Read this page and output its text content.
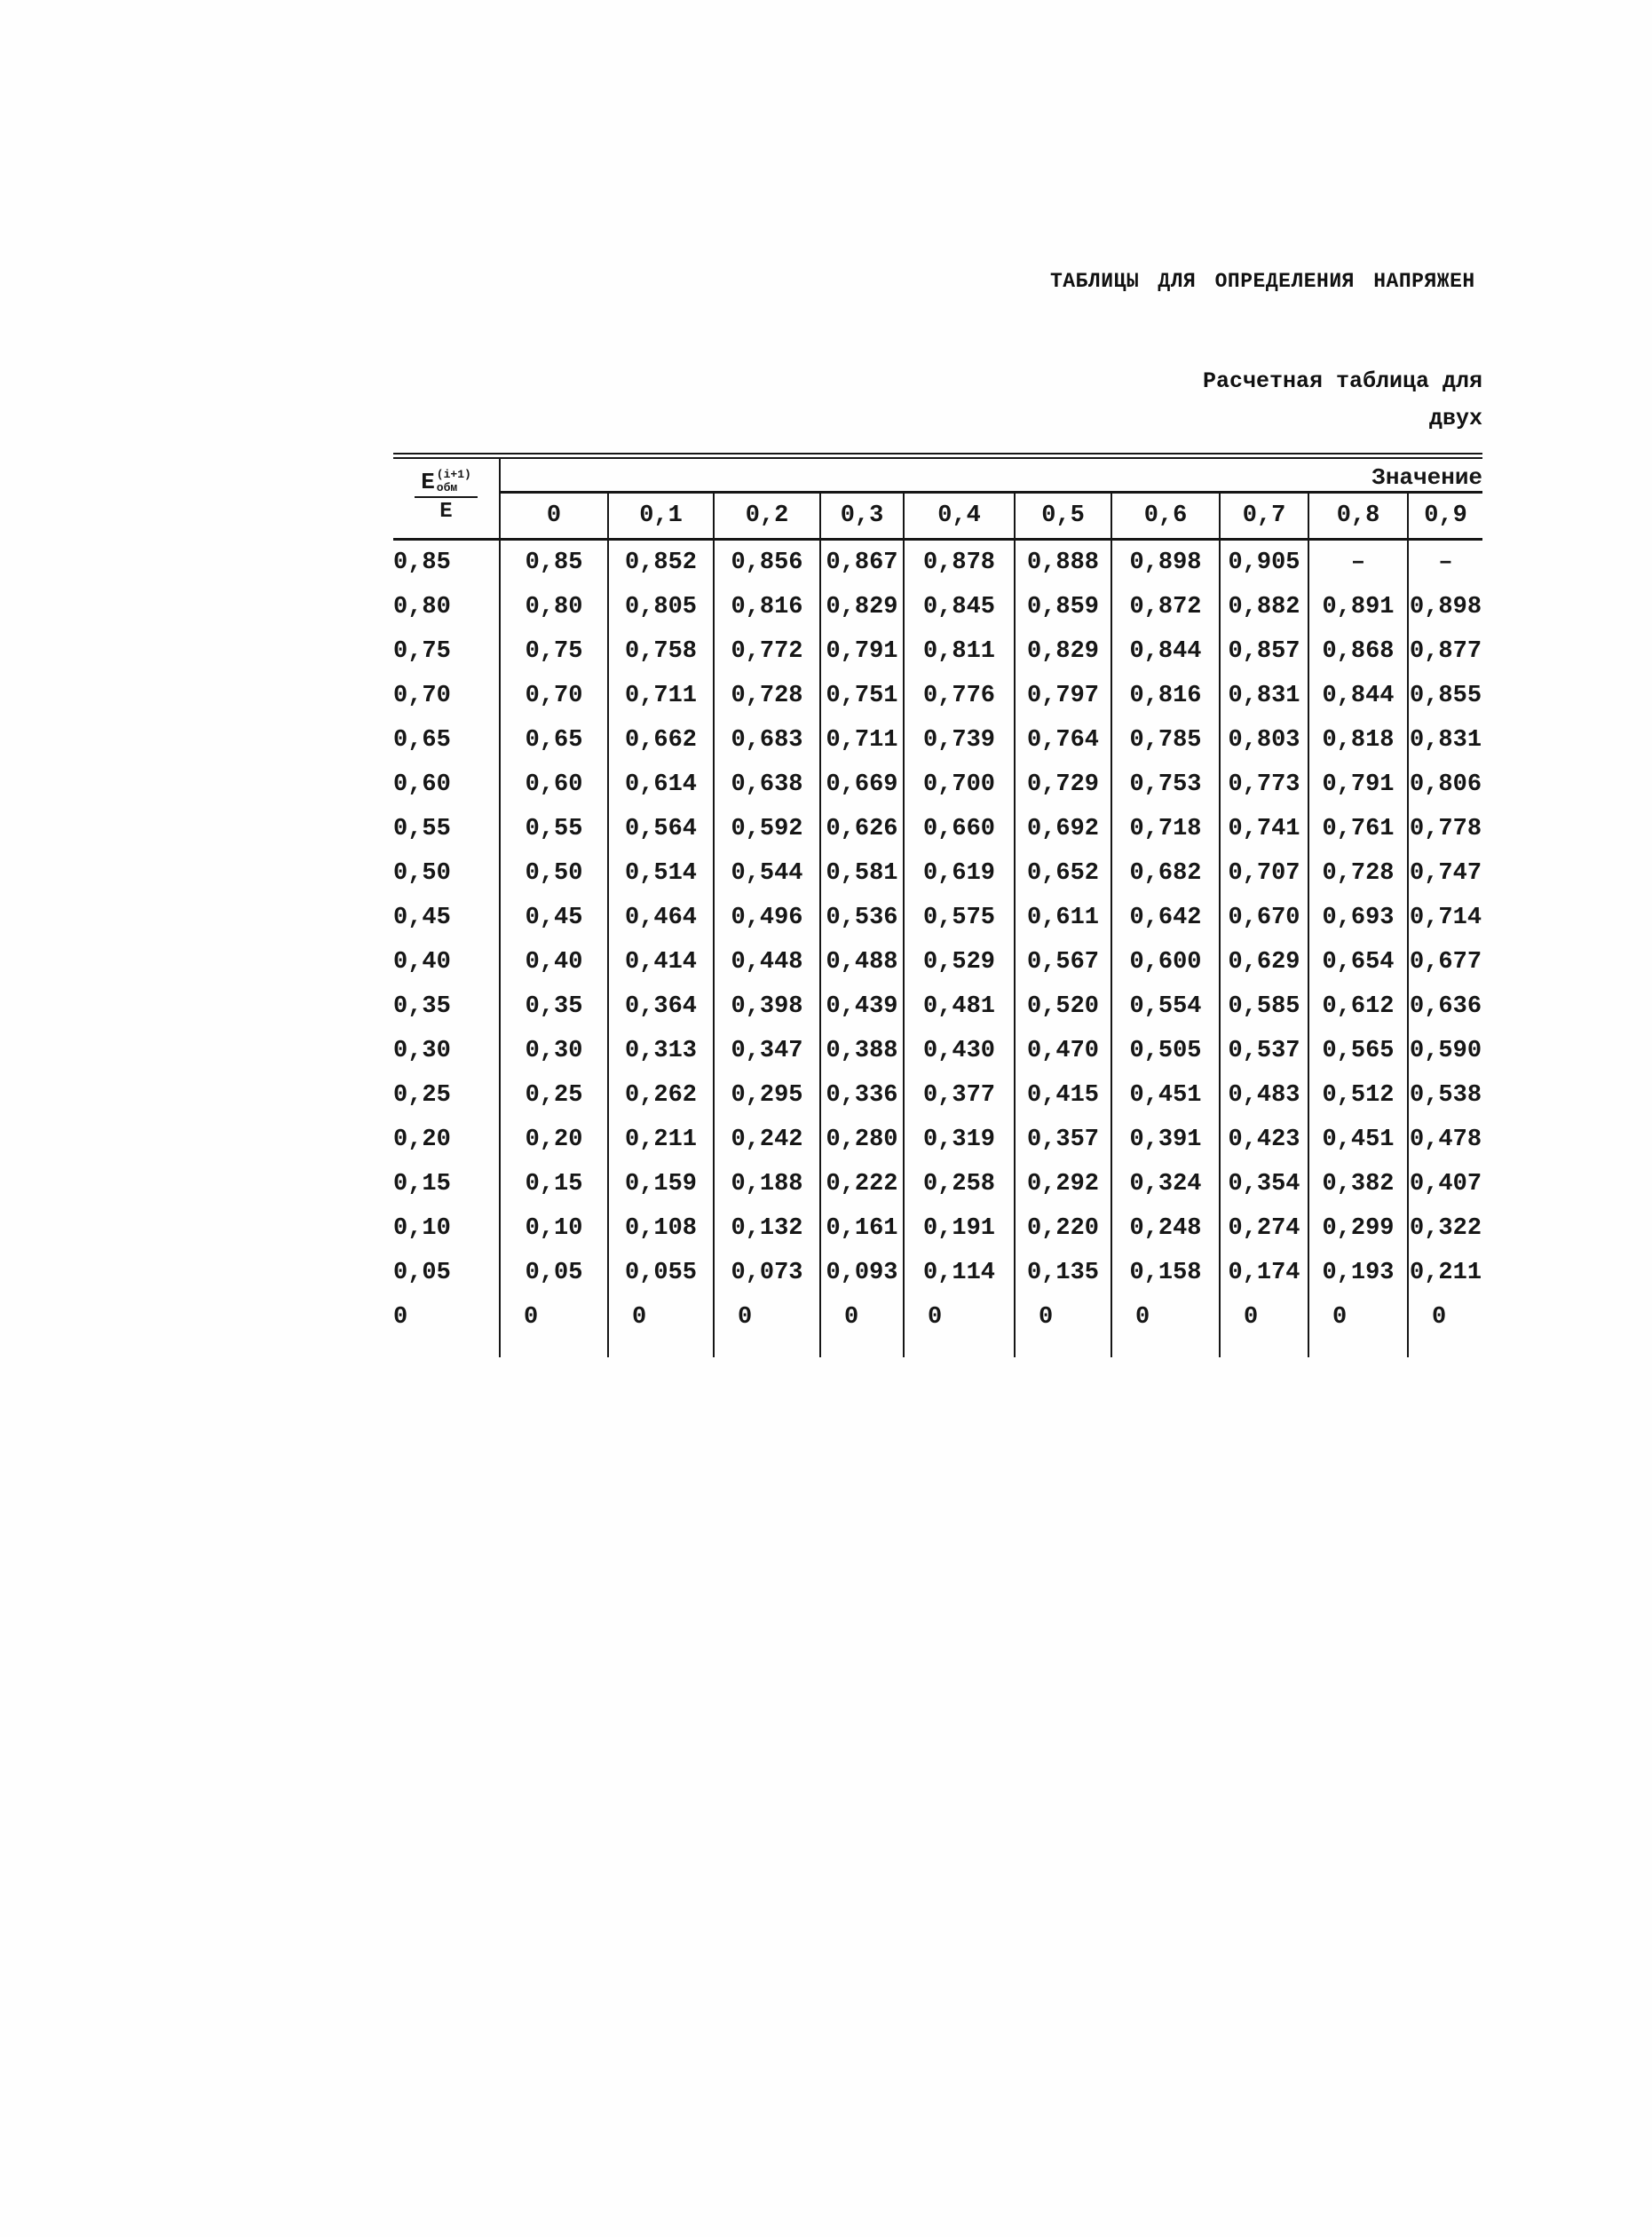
ТАБЛИЦЫ ДЛЯ ОПРЕДЕЛЕНИЯ НАПРЯЖЕН
Расчетная таблица для
двух
E (i+1)
обм
Е	Значение									
	0	0,1	0,2	0,3	0,4	0,5	0,6	0,7	0,8	0,9
0,85	0,85	0,852	0,856	0,867	0,878	0,888	0,898	0,905	–	–
0,80	0,80	0,805	0,816	0,829	0,845	0,859	0,872	0,882	0,891	0,898
0,75	0,75	0,758	0,772	0,791	0,811	0,829	0,844	0,857	0,868	0,877
0,70	0,70	0,711	0,728	0,751	0,776	0,797	0,816	0,831	0,844	0,855
0,65	0,65	0,662	0,683	0,711	0,739	0,764	0,785	0,803	0,818	0,831
0,60	0,60	0,614	0,638	0,669	0,700	0,729	0,753	0,773	0,791	0,806
0,55	0,55	0,564	0,592	0,626	0,660	0,692	0,718	0,741	0,761	0,778
0,50	0,50	0,514	0,544	0,581	0,619	0,652	0,682	0,707	0,728	0,747
0,45	0,45	0,464	0,496	0,536	0,575	0,611	0,642	0,670	0,693	0,714
0,40	0,40	0,414	0,448	0,488	0,529	0,567	0,600	0,629	0,654	0,677
0,35	0,35	0,364	0,398	0,439	0,481	0,520	0,554	0,585	0,612	0,636
0,30	0,30	0,313	0,347	0,388	0,430	0,470	0,505	0,537	0,565	0,590
0,25	0,25	0,262	0,295	0,336	0,377	0,415	0,451	0,483	0,512	0,538
0,20	0,20	0,211	0,242	0,280	0,319	0,357	0,391	0,423	0,451	0,478
0,15	0,15	0,159	0,188	0,222	0,258	0,292	0,324	0,354	0,382	0,407
0,10	0,10	0,108	0,132	0,161	0,191	0,220	0,248	0,274	0,299	0,322
0,05	0,05	0,055	0,073	0,093	0,114	0,135	0,158	0,174	0,193	0,211
0	0	0	0	0	0	0	0	0	0	0
